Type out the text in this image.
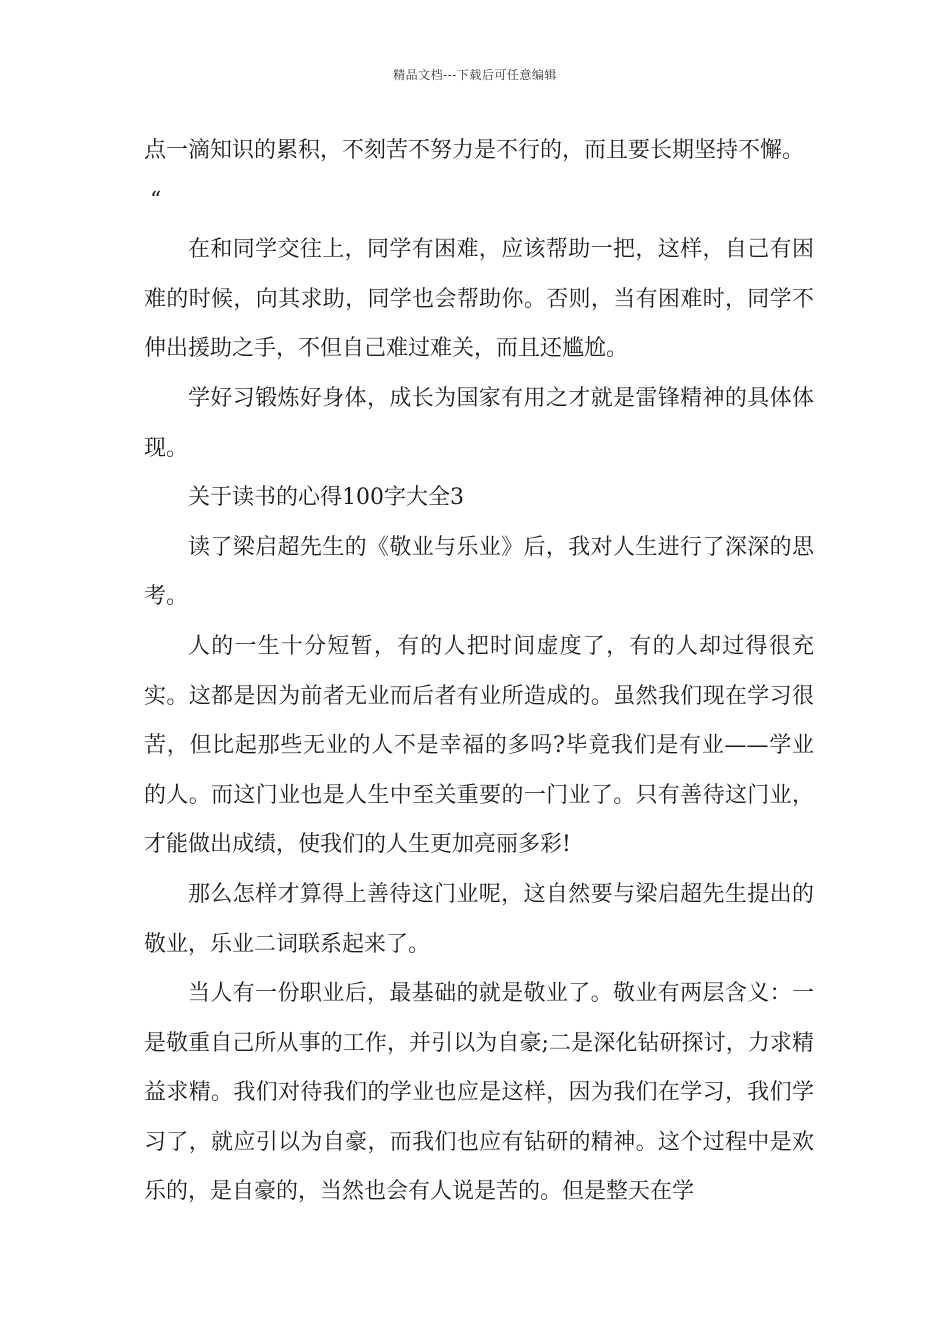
精品文档---下载后可任意编辑

点一滴知识的累积，不刻苦不努力是不行的，而且要长期坚持不懈。

“

在和同学交往上，同学有困难，应该帮助一把，这样，自己有困难的时候，向其求助，同学也会帮助你。否则，当有困难时，同学不伸出援助之手，不但自己难过难关，而且还尴尬。

学好习锻炼好身体，成长为国家有用之才就是雷锋精神的具体体现。

关于读书的心得100字大全3

读了梁启超先生的《敬业与乐业》后，我对人生进行了深深的思考。

人的一生十分短暂，有的人把时间虚度了，有的人却过得很充实。这都是因为前者无业而后者有业所造成的。虽然我们现在学习很苦，但比起那些无业的人不是幸福的多吗?毕竟我们是有业——学业的人。而这门业也是人生中至关重要的一门业了。只有善待这门业，才能做出成绩，使我们的人生更加亮丽多彩!

那么怎样才算得上善待这门业呢，这自然要与梁启超先生提出的敬业，乐业二词联系起来了。

当人有一份职业后，最基础的就是敬业了。敬业有两层含义：一是敬重自己所从事的工作，并引以为自豪;二是深化钻研探讨，力求精益求精。我们对待我们的学业也应是这样，因为我们在学习，我们学习了，就应引以为自豪，而我们也应有钻研的精神。这个过程中是欢乐的，是自豪的，当然也会有人说是苦的。但是整天在学
